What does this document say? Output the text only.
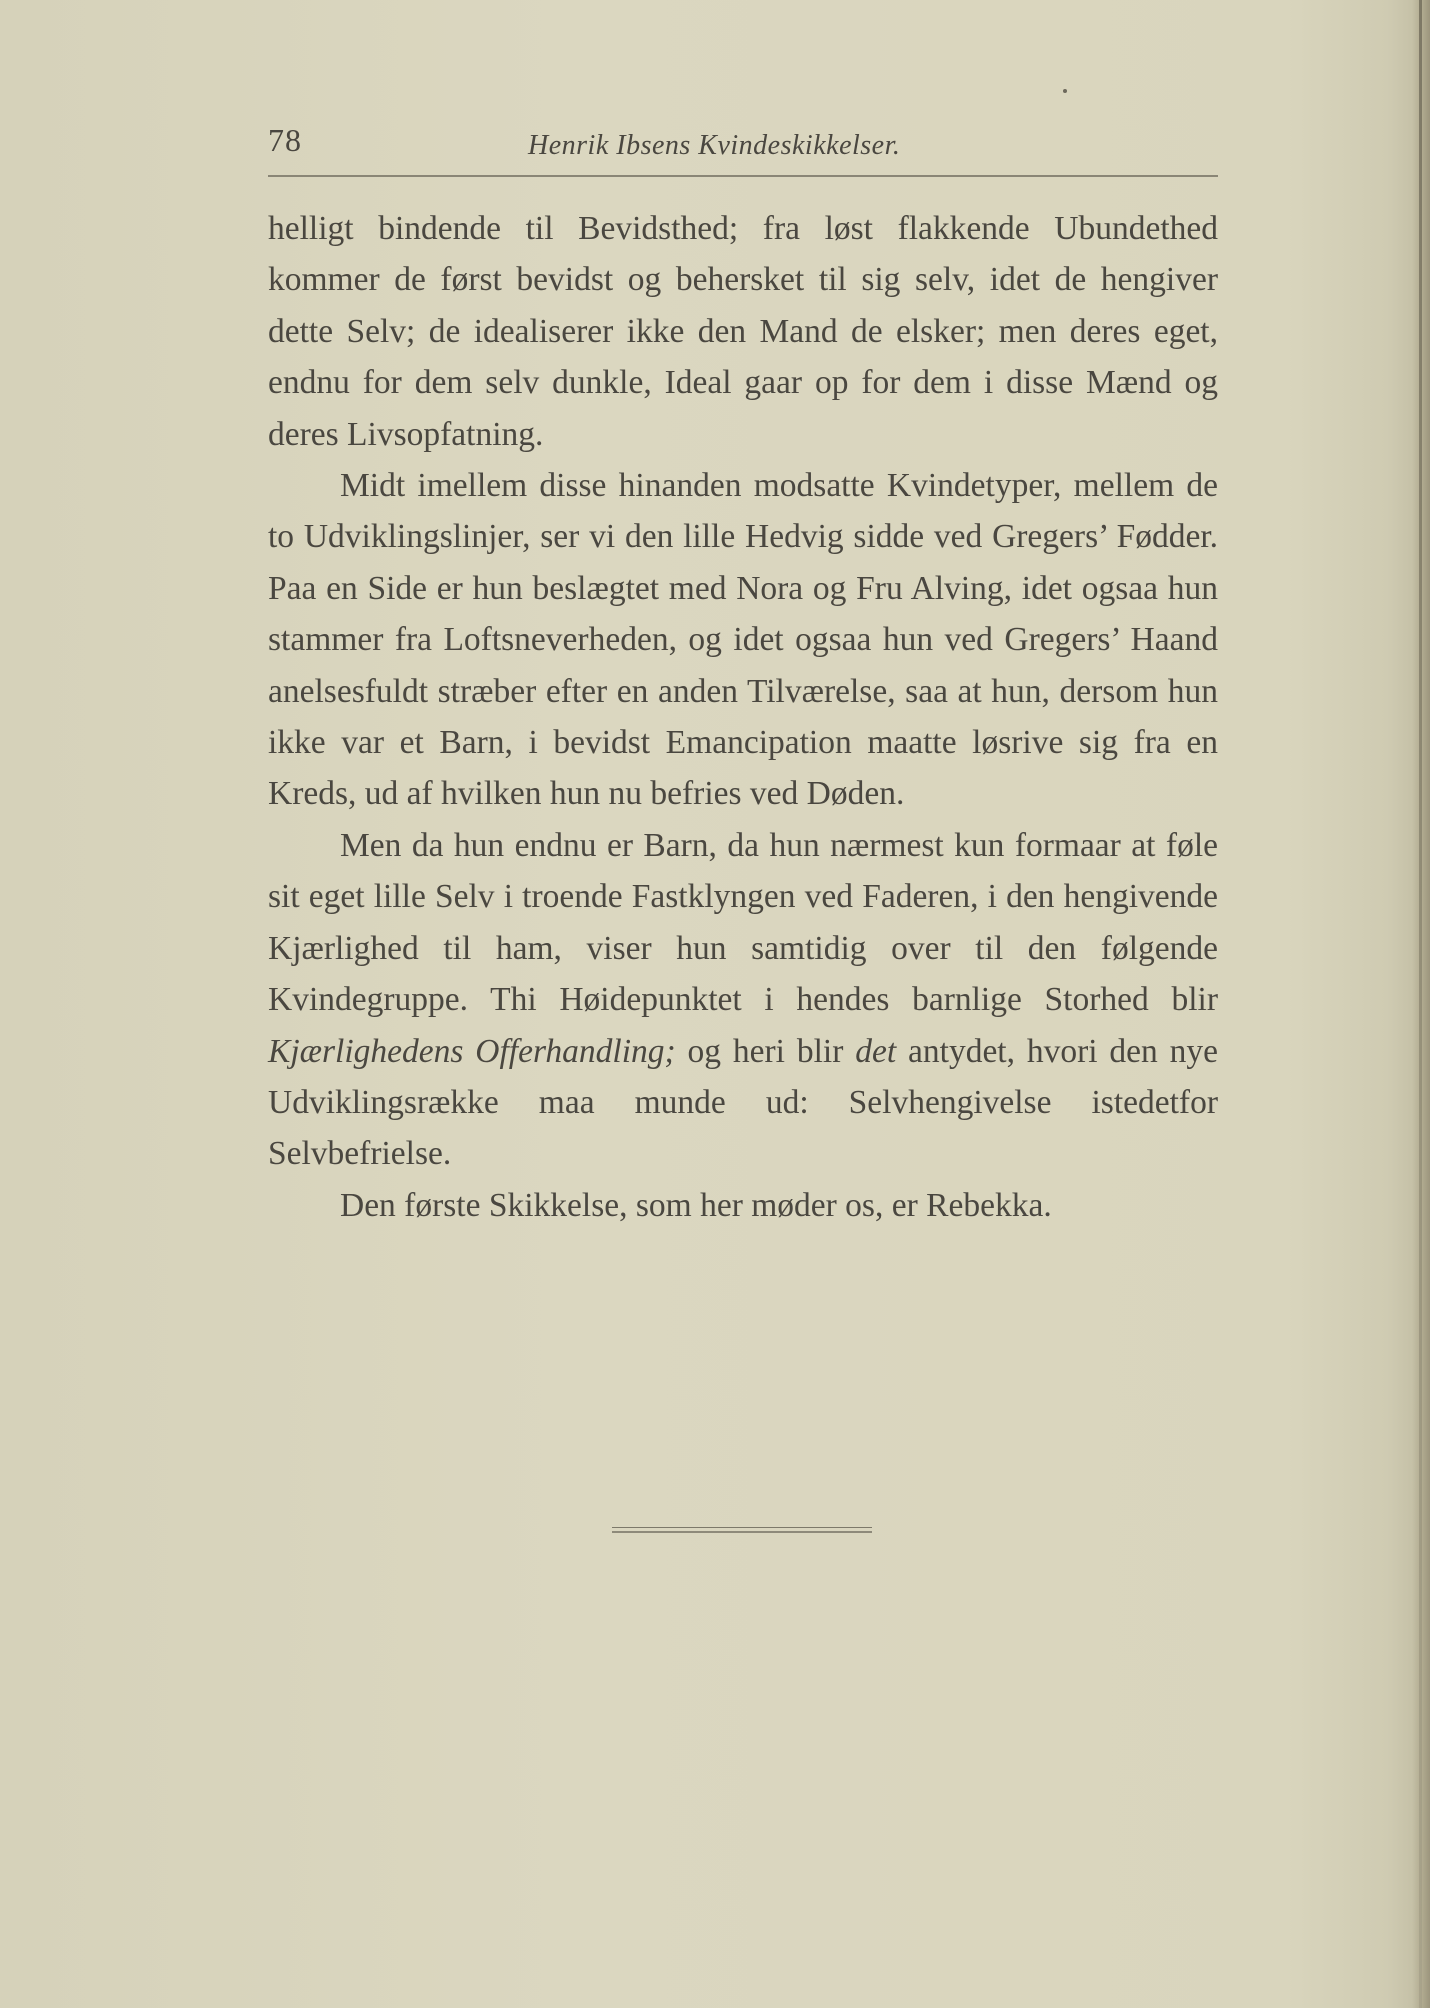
78	Henrik Ibsens Kvindeskikkelser.

helligt bindende til Bevidsthed; fra løst flakkende Ubundethed kommer de først bevidst og behersket til sig selv, idet de hengiver dette Selv; de idealiserer ikke den Mand de elsker; men deres eget, endnu for dem selv dunkle, Ideal gaar op for dem i disse Mænd og deres Livsopfatning.

Midt imellem disse hinanden modsatte Kvindetyper, mellem de to Udviklingslinjer, ser vi den lille Hedvig sidde ved Gregers’ Fødder. Paa en Side er hun beslægtet med Nora og Fru Alving, idet ogsaa hun stammer fra Loftsneverheden, og idet ogsaa hun ved Gregers’ Haand anelsesfuldt stræber efter en anden Tilværelse, saa at hun, dersom hun ikke var et Barn, i bevidst Emancipation maatte løsrive sig fra en Kreds, ud af hvilken hun nu befries ved Døden.

Men da hun endnu er Barn, da hun nærmest kun formaar at føle sit eget lille Selv i troende Fastklyngen ved Faderen, i den hengivende Kjærlighed til ham, viser hun samtidig over til den følgende Kvindegruppe. Thi Høidepunktet i hendes barnlige Storhed blir Kjærlighedens Offerhandling; og heri blir det antydet, hvori den nye Udviklingsrække maa munde ud: Selvhengivelse istedetfor Selvbefrielse.

Den første Skikkelse, som her møder os, er Rebekka.
